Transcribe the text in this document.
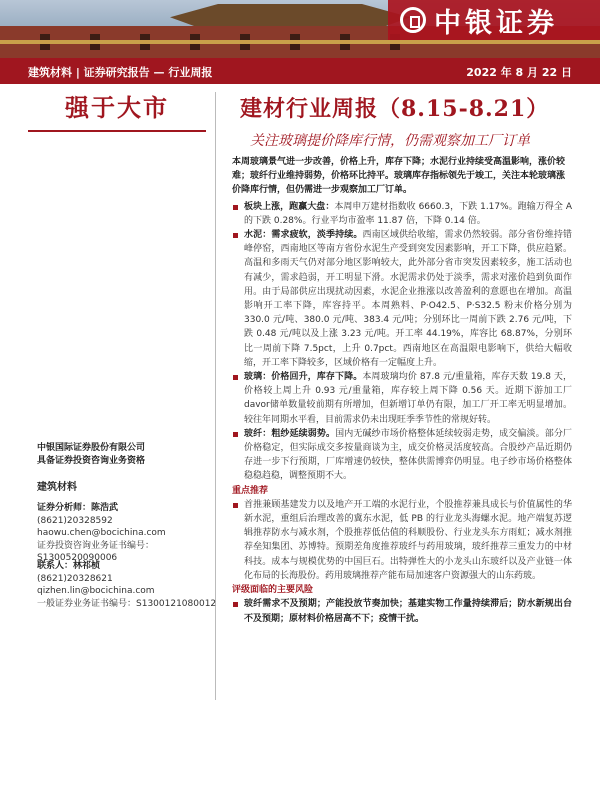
中银证券
建筑材料 | 证券研究报告 — 行业周报	2022 年 8 月 22 日
强于大市	建材行业周报（8.15-8.21）
关注玻璃提价降库行情，仍需观察加工厂订单
中银国际证券股份有限公司
具备证券投资咨询业务资格
建筑材料
证券分析师：陈浩武
(8621)20328592
haowu.chen@bocichina.com
证券投资咨询业务证书编号：S1300520090006
联系人：林祁桢
(8621)20328621
qizhen.lin@bocichina.com
一般证券业务证书编号：S1300121080012

本周玻璃景气进一步改善，价格上升，库存下降；水泥行业持续受高温影响，涨价较难；玻纤行业维持弱势，价格环比持平。玻璃库存指标领先于竣工，关注本轮玻璃涨价降库行情，但仍需进一步观察加工厂订单。

板块上涨，跑赢大盘：本周申万建材指数收 6660.3，下跌 1.17%。跑输万得全 A 的下跌 0.28%。行业平均市盈率 11.87 倍，下降 0.14 倍。

水泥：需求疲软，淡季持续。西南区域供给收缩，需求仍然较弱。部分省份维持错峰停窑，西南地区等南方省份水泥生产受到突发因素影响，开工下降，供应趋紧。高温和多雨天气仍对部分地区影响较大，此外部分省市突发因素较多，施工活动也有减少，需求趋弱，开工明显下滑。水泥需求仍处于淡季，需求对涨价趋到负面作用。由于局部供应出现扰动因素，水泥企业推涨以改善盈利的意愿也在增加。高温影响开工率下降，库容持平。本周熟料、P·O42.5、P·S32.5 粉末价格分别为 330.0 元/吨、380.0 元/吨、383.4 元/吨；分别环比一周前下跌 2.76 元/吨，下跌 0.48 元/吨以及上涨 3.23 元/吨。开工率 44.19%，库容比 68.87%，分别环比一周前下降 7.5pct，上升 0.7pct。西南地区在高温限电影响下，供给大幅收缩，开工率下降较多，区域价格有一定幅度上升。

玻璃：价格回升，库存下降。本周玻璃均价 87.8 元/重量箱，库存天数 19.8 天，价格较上周上升 0.93 元/重量箱，库存较上周下降 0.56 天。近期下游加工厂davor储单数量较前期有所增加，但新增订单仍有限，加工厂开工率无明显增加。较往年同期水平看，目前需求仍未出现旺季季节性的常规好转。

玻纤：粗纱延续弱势。国内无碱纱市场价格整体延续较弱走势，成交偏淡。部分厂价格稳定，但实际成交多按量商谈为主，成交价格灵活度较高。合股纱产品近期仍存进一步下行预期，厂库增速仍较快，整体供需博弈仍明显。电子纱市场价格整体稳稳趋稳，调整预期不大。

重点推荐

首推兼顾基建发力以及地产开工端的水泥行业，个股推荐兼具成长与价值属性的华新水泥，重组后治理改善的冀东水泥，低 PB 的行业龙头海螺水泥。地产端复苏逻辑推荐防水与减水剂，个股推荐低估值的科顺股份、行业龙头东方雨虹；减水剂推荐垒知集团、苏博特。预期差角度推荐玻纤与药用玻璃，玻纤推荐三重发力的中材科技。成本与规模优势的中国巨石。出特弹性大的小龙头山东玻纤以及产业链一体化布局的长海股份。药用玻璃推荐产能布局加速客户资源强大的山东药玻。

评级面临的主要风险

玻纤需求不及预期；产能投放节奏加快；基建实物工作量持续滞后；防水新规出台不及预期；原材料价格居高不下；疫情干扰。
